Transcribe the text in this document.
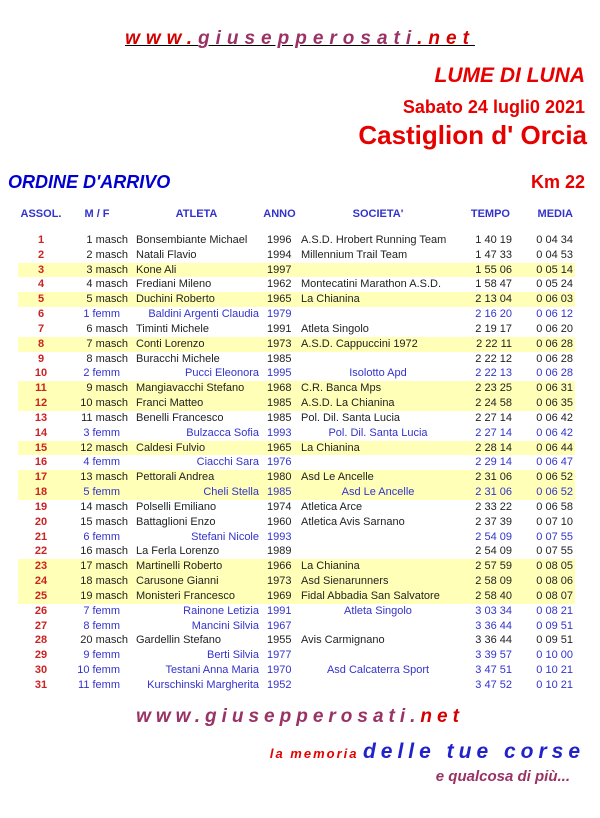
www.giusepperosati.net
LUME DI LUNA
Sabato 24 lugli0 2021
Castiglion d' Orcia
ORDINE D'ARRIVO	Km 22
ASSOL.	M / F	ATLETA	ANNO	SOCIETA'	TEMPO	MEDIA
1	1 masch Bonsembiante Michael	1996 A.S.D. Hrobert Running Team	1 40 19	0 04 34
2	2 masch Natali Flavio	1994 Millennium Trail Team	1 47 33	0 04 53
3	3 masch Kone Ali	1997	1 55 06	0 05 14
4	4 masch Frediani Mileno	1962 Montecatini Marathon A.S.D.	1 58 47	0 05 24
5	5 masch Duchini Roberto	1965 La Chianina	2 13 04	0 06 03
6	1 femm	Baldini Argenti Claudia 1979	2 16 20	0 06 12
7	6 masch Timinti Michele	1991 Atleta Singolo	2 19 17	0 06 20
8	7 masch Conti Lorenzo	1973 A.S.D. Cappuccini 1972	2 22 11	0 06 28
9	8 masch Buracchi Michele	1985	2 22 12	0 06 28
10	2 femm	Pucci Eleonora 1995	Isolotto Apd	2 22 13	0 06 28
11	9 masch Mangiavacchi Stefano	1968 C.R. Banca Mps	2 23 25	0 06 31
12	10 masch Franci Matteo	1985 A.S.D. La Chianina	2 24 58	0 06 35
13	11 masch Benelli Francesco	1985 Pol. Dil. Santa Lucia	2 27 14	0 06 42
14	3 femm	Bulzacca Sofia 1993	Pol. Dil. Santa Lucia	2 27 14	0 06 42
15	12 masch Caldesi Fulvio	1965 La Chianina	2 28 14	0 06 44
16	4 femm	Ciacchi Sara 1976	2 29 14	0 06 47
17	13 masch Pettorali Andrea	1980 Asd Le Ancelle	2 31 06	0 06 52
18	5 femm	Cheli Stella 1985	Asd Le Ancelle	2 31 06	0 06 52
19	14 masch Polselli Emiliano	1974 Atletica Arce	2 33 22	0 06 58
20	15 masch Battaglioni Enzo	1960 Atletica Avis Sarnano	2 37 39	0 07 10
21	6 femm	Stefani Nicole 1993	2 54 09	0 07 55
22	16 masch La Ferla Lorenzo	1989	2 54 09	0 07 55
23	17 masch Martinelli Roberto	1966 La Chianina	2 57 59	0 08 05
24	18 masch Carusone Gianni	1973 Asd Sienarunners	2 58 09	0 08 06
25	19 masch Monisteri Francesco	1969 Fidal Abbadia San Salvatore	2 58 40	0 08 07
26	7 femm	Rainone Letizia 1991	Atleta Singolo	3 03 34	0 08 21
27	8 femm	Mancini Silvia 1967	3 36 44	0 09 51
28	20 masch Gardellin Stefano	1955 Avis Carmignano	3 36 44	0 09 51
29	9 femm	Berti Silvia 1977	3 39 57	0 10 00
30	10 femm	Testani Anna Maria 1970	Asd Calcaterra Sport	3 47 51	0 10 21
31	11 femm	Kurschinski Margherita 1952	3 47 52	0 10 21
www.giusepperosati.net
la memoria delle tue corse
e qualcosa di più...
